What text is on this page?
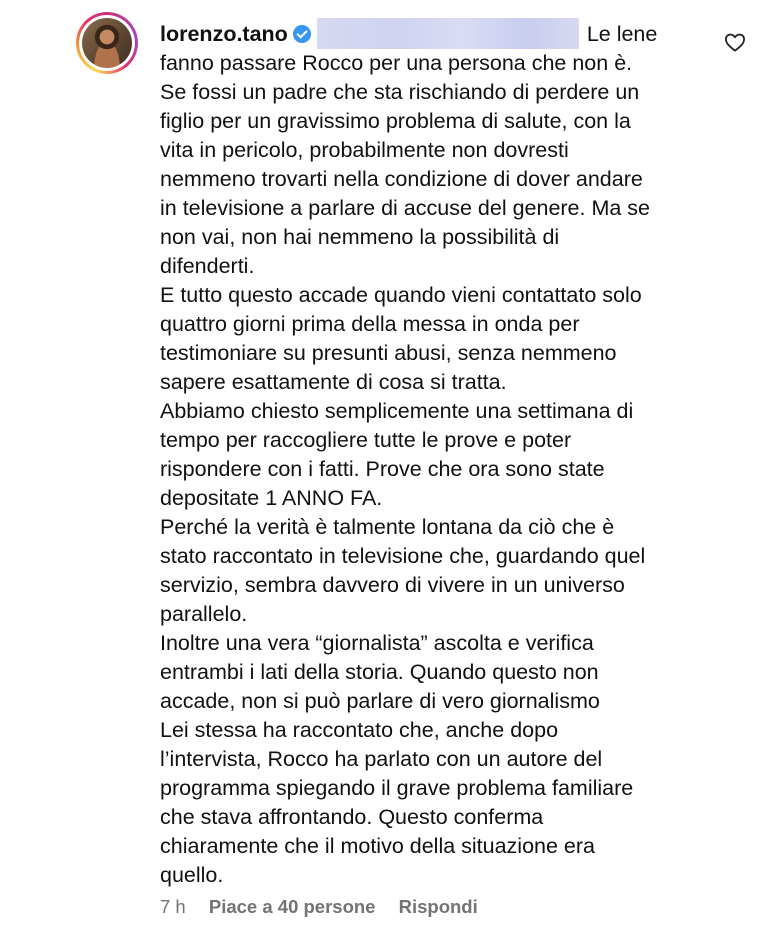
lorenzo.tano	Le lene
fanno passare Rocco per una persona che non è.
Se fossi un padre che sta rischiando di perdere un
figlio per un gravissimo problema di salute, con la
vita in pericolo, probabilmente non dovresti
nemmeno trovarti nella condizione di dover andare
in televisione a parlare di accuse del genere. Ma se
non vai, non hai nemmeno la possibilità di
difenderti.
E tutto questo accade quando vieni contattato solo
quattro giorni prima della messa in onda per
testimoniare su presunti abusi, senza nemmeno
sapere esattamente di cosa si tratta.
Abbiamo chiesto semplicemente una settimana di
tempo per raccogliere tutte le prove e poter
rispondere con i fatti. Prove che ora sono state
depositate 1 ANNO FA.
Perché la verità è talmente lontana da ciò che è
stato raccontato in televisione che, guardando quel
servizio, sembra davvero di vivere in un universo
parallelo.
Inoltre una vera “giornalista” ascolta e verifica
entrambi i lati della storia. Quando questo non
accade, non si può parlare di vero giornalismo
Lei stessa ha raccontato che, anche dopo
l’intervista, Rocco ha parlato con un autore del
programma spiegando il grave problema familiare
che stava affrontando. Questo conferma
chiaramente che il motivo della situazione era
quello.
7 h Piace a 40 persone Rispondi
